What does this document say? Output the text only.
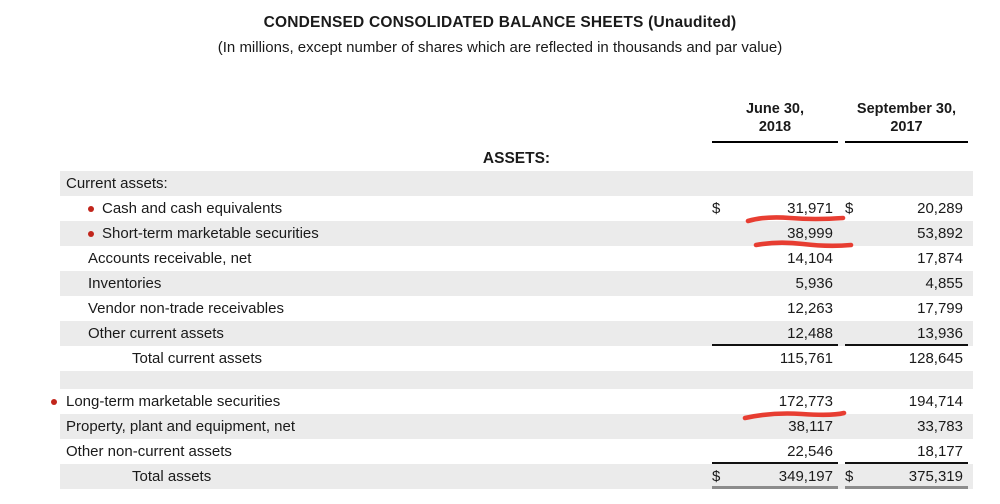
CONDENSED CONSOLIDATED BALANCE SHEETS (Unaudited)
(In millions, except number of shares which are reflected in thousands and par value)
June 30,
2018
September 30,
2017
ASSETS:
Current assets:
Cash and cash equivalents	$	31,971 $	20,289
Short-term marketable securities	38,999	53,892
Accounts receivable, net	14,104	17,874
Inventories	5,936	4,855
Vendor non-trade receivables	12,263	17,799
Other current assets	12,488	13,936
Total current assets	115,761	128,645
Long-term marketable securities	172,773	194,714
Property, plant and equipment, net	38,117	33,783
Other non-current assets	22,546	18,177
Total assets	$	349,197 $	375,319
